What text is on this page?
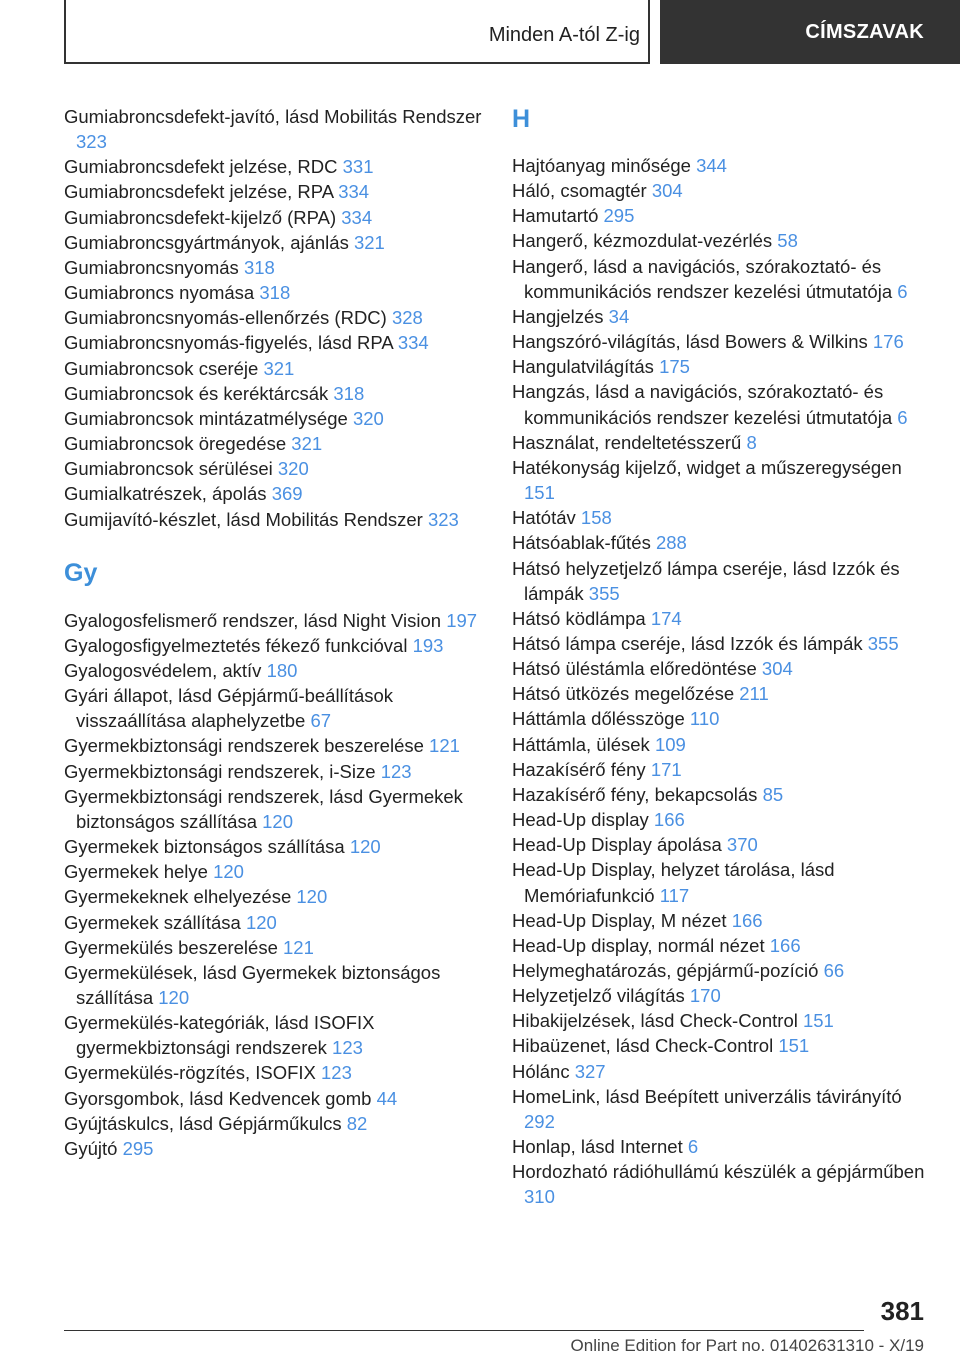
Minden A-tól Z-ig	CÍMSZAVAK
Gumiabroncsdefekt-javító, lásd Mobilitás Rendszer 323
Gumiabroncsdefekt jelzése, RDC 331
Gumiabroncsdefekt jelzése, RPA 334
Gumiabroncsdefekt-kijelző (RPA) 334
Gumiabroncsgyártmányok, ajánlás 321
Gumiabroncsnyomás 318
Gumiabroncs nyomása 318
Gumiabroncsnyomás-ellenőrzés (RDC) 328
Gumiabroncsnyomás-figyelés, lásd RPA 334
Gumiabroncsok cseréje 321
Gumiabroncsok és keréktárcsák 318
Gumiabroncsok mintázatmélysége 320
Gumiabroncsok öregedése 321
Gumiabroncsok sérülései 320
Gumialkatrészek, ápolás 369
Gumijavító-készlet, lásd Mobilitás Rendszer 323
Gy
Gyalogosfelismerő rendszer, lásd Night Vision 197
Gyalogosfigyelmeztetés fékező funkcióval 193
Gyalogosvédelem, aktív 180
Gyári állapot, lásd Gépjármű-beállítások visszaállítása alaphelyzetbe 67
Gyermekbiztonsági rendszerek beszerelése 121
Gyermekbiztonsági rendszerek, i-Size 123
Gyermekbiztonsági rendszerek, lásd Gyermekek biztonságos szállítása 120
Gyermekek biztonságos szállítása 120
Gyermekek helye 120
Gyermekeknek elhelyezése 120
Gyermekek szállítása 120
Gyermekülés beszerelése 121
Gyermekülések, lásd Gyermekek biztonságos szállítása 120
Gyermekülés-kategóriák, lásd ISOFIX gyermekbiztonsági rendszerek 123
Gyermekülés-rögzítés, ISOFIX 123
Gyorsgombok, lásd Kedvencek gomb 44
Gyújtáskulcs, lásd Gépjárműkulcs 82
Gyújtó 295
H
Hajtóanyag minősége 344
Háló, csomagtér 304
Hamutartó 295
Hangerő, kézmozdulat-vezérlés 58
Hangerő, lásd a navigációs, szórakoztató- és kommunikációs rendszer kezelési útmutatója 6
Hangjelzés 34
Hangszóró-világítás, lásd Bowers & Wilkins 176
Hangulatvilágítás 175
Hangzás, lásd a navigációs, szórakoztató- és kommunikációs rendszer kezelési útmutatója 6
Használat, rendeltetésszerű 8
Hatékonyság kijelző, widget a műszeregységen 151
Hatótáv 158
Hátsóablak-fűtés 288
Hátsó helyzetjelző lámpa cseréje, lásd Izzók és lámpák 355
Hátsó ködlámpa 174
Hátsó lámpa cseréje, lásd Izzók és lámpák 355
Hátsó üléstámla előredöntése 304
Hátsó ütközés megelőzése 211
Háttámla dőlésszöge 110
Háttámla, ülések 109
Hazakísérő fény 171
Hazakísérő fény, bekapcsolás 85
Head-Up display 166
Head-Up Display ápolása 370
Head-Up Display, helyzet tárolása, lásd Memóriafunkció 117
Head-Up Display, M nézet 166
Head-Up display, normál nézet 166
Helymeghatározás, gépjármű-pozíció 66
Helyzetjelző világítás 170
Hibakijelzések, lásd Check-Control 151
Hibaüzenet, lásd Check-Control 151
Hólánc 327
HomeLink, lásd Beépített univerzális távirányító 292
Honlap, lásd Internet 6
Hordozható rádióhullámú készülék a gépjárműben 310
381
Online Edition for Part no. 01402631310 - X/19
